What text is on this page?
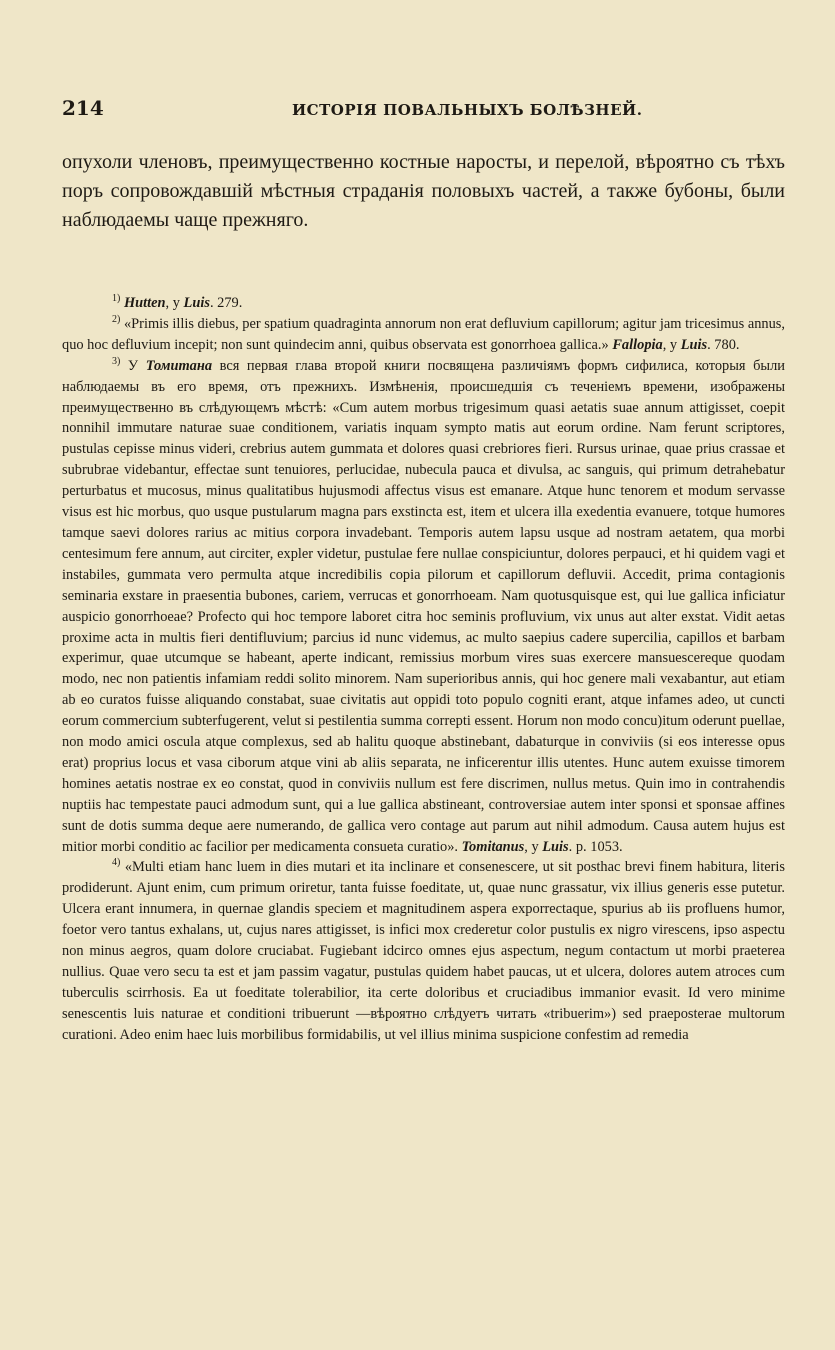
214	ИСТОРІЯ ПОВАЛЬНЫХЪ БОЛѢЗНЕЙ.

опухоли членовъ, преимущественно костные наросты, и перелой, вѣроятно съ тѣхъ поръ сопровождавшій мѣстныя страданія половыхъ частей, а также бубоны, были наблюдаемы чаще прежняго.

$^{1)}$ Hutten, у Luis. 279.

$^{2)}$ «Primis illis diebus, per spatium quadraginta annorum non erat defluvium capillorum; agitur jam tricesimus annus, quo hoc defluvium incepit; non sunt quindecim anni, quibus observata est gonorrhoea gallica.» Fallopia, у Luis. 780.

$^{3)}$ У Томитана вся первая глава второй книги посвящена различіямъ формъ сифилиса, которыя были наблюдаемы въ его время, отъ прежнихъ. Измѣненія, происшедшія съ теченіемъ времени, изображены преимущественно въ слѣдующемъ мѣстѣ: «Cum autem morbus trigesimum quasi aetatis suae annum attigisset, coepit nonnihil immutare naturae suae conditionem, variatis inquam sympto matis aut eorum ordine. Nam ferunt scriptores, pustulas cepisse minus videri, crebrius autem gummata et dolores quasi crebriores fieri. Rursus urinae, quae prius crassae et subrubrae videbantur, effectae sunt tenuiores, perlucidae, nubecula pauca et divulsa, ac sanguis, qui primum detrahebatur perturbatus et mucosus, minus qualitatibus hujusmodi affectus visus est emanare. Atque hunc tenorem et modum servasse visus est hic morbus, quo usque pustularum magna pars exstincta est, item et ulcera illa exedentia evanuere, totque humores tamque saevi dolores rarius ac mitius corpora invadebant. Temporis autem lapsu usque ad nostram aetatem, qua morbi centesimum fere annum, aut circiter, expler videtur, pustulae fere nullae conspiciuntur, dolores perpauci, et hi quidem vagi et instabiles, gummata vero permulta atque incredibilis copia pilorum et capillorum defluvii. Accedit, prima contagionis seminaria exstare in praesentia bubones, cariem, verrucas et gonorrhoeam. Nam quotusquisque est, qui lue gallica inficiatur auspicio gonorrhoeae? Profecto qui hoc tempore laboret citra hoc seminis profluvium, vix unus aut alter exstat. Vidit aetas proxime acta in multis fieri dentifluvium; parcius id nunc videmus, ac multo saepius cadere supercilia, capillos et barbam experimur, quae utcumque se habeant, aperte indicant, remissius morbum vires suas exercere mansuescereque quodam modo, nec non patientis infamiam reddi solito minorem. Nam superioribus annis, qui hoc genere mali vexabantur, aut etiam ab eo curatos fuisse aliquando constabat, suae civitatis aut oppidi toto populo cogniti erant, atque infames adeo, ut cuncti eorum commercium subterfugerent, velut si pestilentia summa correpti essent. Horum non modo concu)itum oderunt puellae, non modo amici oscula atque complexus, sed ab halitu quoque abstinebant, dabaturque in conviviis (si eos interesse opus erat) proprius locus et vasa ciborum atque vini ab aliis separata, ne inficerentur illis utentes. Hunc autem exuisse timorem homines aetatis nostrae ex eo constat, quod in conviviis nullum est fere discrimen, nullus metus. Quin imo in contrahendis nuptiis hac tempestate pauci admodum sunt, qui a lue gallica abstineant, controversiae autem inter sponsi et sponsae affines sunt de dotis summa deque aere numerando, de gallica vero contage aut parum aut nihil admodum. Causa autem hujus est mitior morbi conditio ac facilior per medicamenta consueta curatio». Tomitanus, у Luis. p. 1053.

$^{4)}$ «Multi etiam hanc luem in dies mutari et ita inclinare et consenescere, ut sit posthac brevi finem habitura, literis prodiderunt. Ajunt enim, cum primum oriretur, tanta fuisse foeditate, ut, quae nunc grassatur, vix illius generis esse putetur. Ulcera erant innumera, in quernae glandis speciem et magnitudinem aspera exporrectaque, spurius ab iis profluens humor, foetor vero tantus exhalans, ut, cujus nares attigisset, is infici mox crederetur color pustulis ex nigro virescens, ipso aspectu non minus aegros, quam dolore cruciabat. Fugiebant idcirco omnes ejus aspectum, negum contactum ut morbi praeterea nullius. Quae vero secu ta est et jam passim vagatur, pustulas quidem habet paucas, ut et ulcera, dolores autem atroces cum tuberculis scirrhosis. Ea ut foeditate tolerabilior, ita certe doloribus et cruciadibus immanior evasit. Id vero minime senescentis luis naturae et conditioni tribuerunt —вѣроятно слѣдуетъ читать «tribuerim») sed praeposterae multorum curationi. Adeo enim haec luis morbilibus formidabilis, ut vel illius minima suspicione confestim ad remedia
